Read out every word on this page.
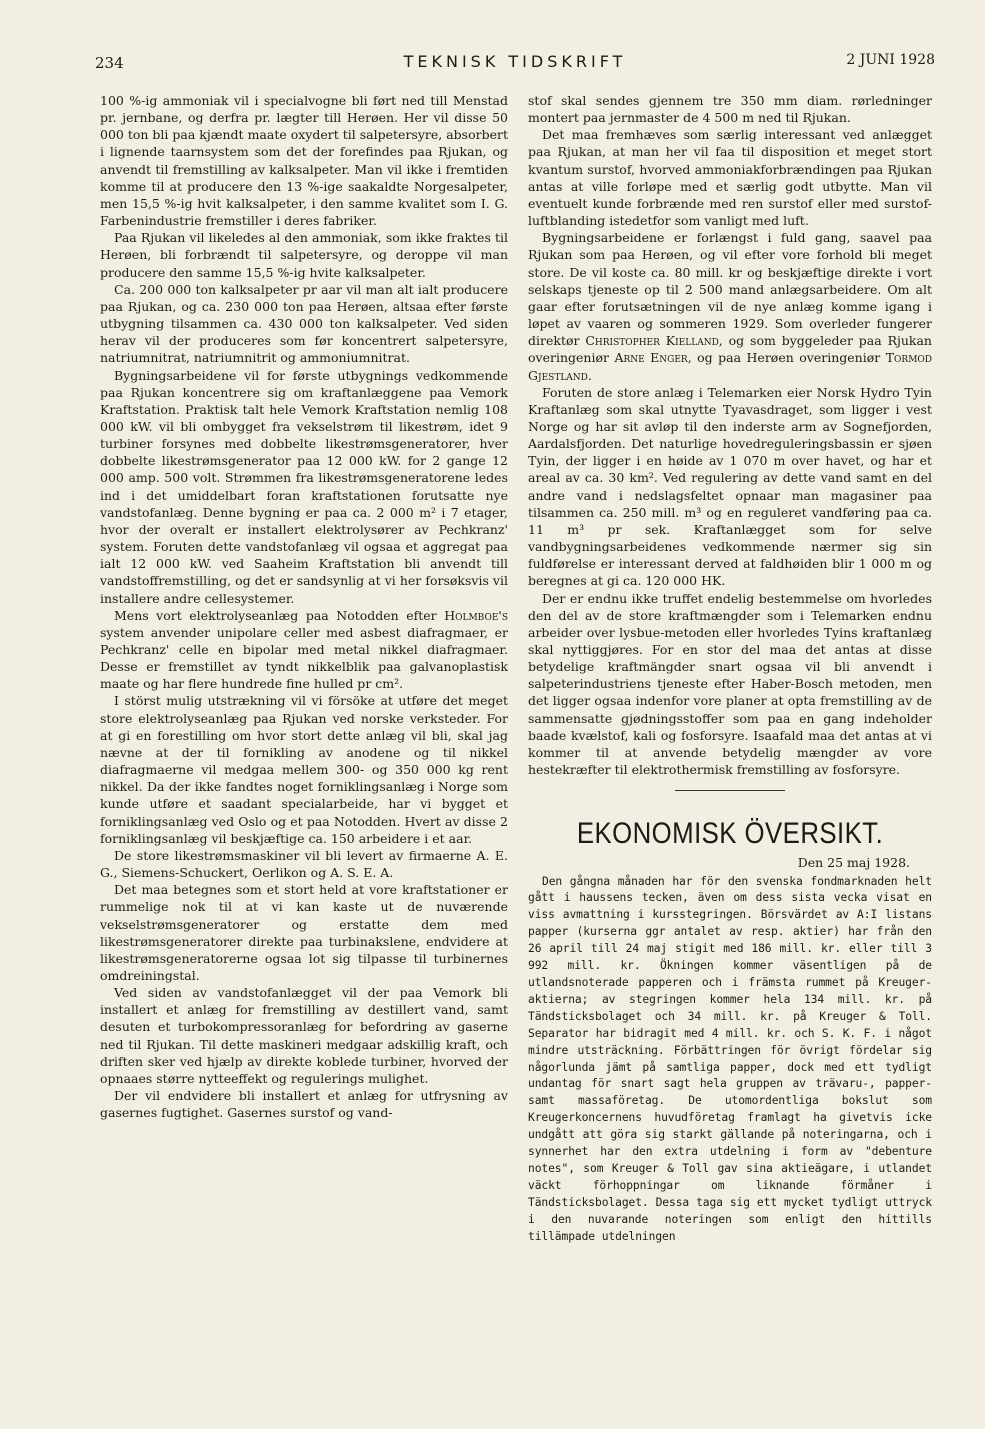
234	TEKNISK TIDSKRIFT	2 JUNI 1928

100 %-ig ammoniak vil i specialvogne bli ført ned till Menstad pr. jernbane, og derfra pr. lægter till Herøen. Her vil disse 50 000 ton bli paa kjændt maate oxydert til salpetersyre, absorbert i lignende taarnsystem som det der forefindes paa Rjukan, og anvendt til fremstilling av kalksalpeter. Man vil ikke i fremtiden komme til at producere den 13 %-ige saakaldte Norgesalpeter, men 15,5 %-ig hvit kalksalpeter, i den samme kvalitet som I. G. Farbenindustrie fremstiller i deres fabriker.

Paa Rjukan vil likeledes al den ammoniak, som ikke fraktes til Herøen, bli forbrændt til salpetersyre, og deroppe vil man producere den samme 15,5 %-ig hvite kalksalpeter.

Ca. 200 000 ton kalksalpeter pr aar vil man alt ialt producere paa Rjukan, og ca. 230 000 ton paa Herøen, altsaa efter første utbygning tilsammen ca. 430 000 ton kalksalpeter. Ved siden herav vil der produceres som før koncentrert salpetersyre, natriumnitrat, natriumnitrit og ammoniumnitrat.

Bygningsarbeidene vil for første utbygnings vedkommende paa Rjukan koncentrere sig om kraftanlæggene paa Vemork Kraftstation. Praktisk talt hele Vemork Kraftstation nemlig 108 000 kW. vil bli ombygget fra vekselstrøm til likestrøm, idet 9 turbiner forsynes med dobbelte likestrømsgeneratorer, hver dobbelte likestrømsgenerator paa 12 000 kW. for 2 gange 12 000 amp. 500 volt. Strømmen fra likestrømsgeneratorene ledes ind i det umiddelbart foran kraftstationen forutsatte nye vandstofanlæg. Denne bygning er paa ca. 2 000 m² i 7 etager, hvor der overalt er installert elektrolysører av Pechkranz' system. Foruten dette vandstofanlæg vil ogsaa et aggregat paa ialt 12 000 kW. ved Saaheim Kraftstation bli anvendt till vandstoffremstilling, og det er sandsynlig at vi her forsøksvis vil installere andre cellesystemer.

Mens vort elektrolyseanlæg paa Notodden efter Holmboe's system anvender unipolare celler med asbest diafragmaer, er Pechkranz' celle en bipolar med metal nikkel diafragmaer. Desse er fremstillet av tyndt nikkelblik paa galvanoplastisk maate og har flere hundrede fine hulled pr cm².

I störst mulig utstrækning vil vi försöke at utføre det meget store elektrolyseanlæg paa Rjukan ved norske verksteder. For at gi en forestilling om hvor stort dette anlæg vil bli, skal jag nævne at der til fornikling av anodene og til nikkel diafragmaerne vil medgaa mellem 300- og 350 000 kg rent nikkel. Da der ikke fandtes noget forniklingsanlæg i Norge som kunde utføre et saadant specialarbeide, har vi bygget et forniklingsanlæg ved Oslo og et paa Notodden. Hvert av disse 2 forniklingsanlæg vil beskjæftige ca. 150 arbeidere i et aar.

De store likestrømsmaskiner vil bli levert av firmaerne A. E. G., Siemens-Schuckert, Oerlikon og A. S. E. A.

Det maa betegnes som et stort held at vore kraftstationer er rummelige nok til at vi kan kaste ut de nuværende vekselstrømsgeneratorer og erstatte dem med likestrømsgeneratorer direkte paa turbinakslene, endvidere at likestrømsgeneratorerne ogsaa lot sig tilpasse til turbinernes omdreiningstal.

Ved siden av vandstofanlægget vil der paa Vemork bli installert et anlæg for fremstilling av destillert vand, samt desuten et turbokompressoranlæg for befordring av gaserne ned til Rjukan. Til dette maskineri medgaar adskillig kraft, och driften sker ved hjælp av direkte koblede turbiner, hvorved der opnaaes større nytteeffekt og regulerings mulighet.

Der vil endvidere bli installert et anlæg for utfrysning av gasernes fugtighet. Gasernes surstof og vand-

stof skal sendes gjennem tre 350 mm diam. rørledninger montert paa jernmaster de 4 500 m ned til Rjukan.

Det maa fremhæves som særlig interessant ved anlægget paa Rjukan, at man her vil faa til disposition et meget stort kvantum surstof, hvorved ammoniakforbrændingen paa Rjukan antas at ville forløpe med et særlig godt utbytte. Man vil eventuelt kunde forbrænde med ren surstof eller med surstof-luftblanding istedetfor som vanligt med luft.

Bygningsarbeidene er forlængst i fuld gang, saavel paa Rjukan som paa Herøen, og vil efter vore forhold bli meget store. De vil koste ca. 80 mill. kr og beskjæftige direkte i vort selskaps tjeneste op til 2 500 mand anlægsarbeidere. Om alt gaar efter forutsætningen vil de nye anlæg komme igang i løpet av vaaren og sommeren 1929. Som overleder fungerer direktør Christopher Kielland, og som byggeleder paa Rjukan overingeniør Arne Enger, og paa Herøen overingeniør Tormod Gjestland.

Foruten de store anlæg i Telemarken eier Norsk Hydro Tyin Kraftanlæg som skal utnytte Tyavasdraget, som ligger i vest Norge og har sit avløp til den inderste arm av Sognefjorden, Aardalsfjorden. Det naturlige hovedreguleringsbassin er sjøen Tyin, der ligger i en høide av 1 070 m over havet, og har et areal av ca. 30 km². Ved regulering av dette vand samt en del andre vand i nedslagsfeltet opnaar man magasiner paa tilsammen ca. 250 mill. m³ og en reguleret vandføring paa ca. 11 m³ pr sek. Kraftanlægget som for selve vandbygningsarbeidenes vedkommende nærmer sig sin fuldførelse er interessant derved at faldhøiden blir 1 000 m og beregnes at gi ca. 120 000 HK.

Der er endnu ikke truffet endelig bestemmelse om hvorledes den del av de store kraftmængder som i Telemarken endnu arbeider over lysbue-metoden eller hvorledes Tyins kraftanlæg skal nyttiggjøres. For en stor del maa det antas at disse betydelige kraftmängder snart ogsaa vil bli anvendt i salpeterindustriens tjeneste efter Haber-Bosch metoden, men det ligger ogsaa indenfor vore planer at opta fremstilling av de sammensatte gjødningsstoffer som paa en gang indeholder baade kvælstof, kali og fosforsyre. Isaafald maa det antas at vi kommer til at anvende betydelig mængder av vore hestekræfter til elektrothermisk fremstilling av fosforsyre.

EKONOMISK ÖVERSIKT.
Den 25 maj 1928.

Den gångna månaden har för den svenska fondmarknaden helt gått i haussens tecken, även om dess sista vecka visat en viss avmattning i kursstegringen. Börsvärdet av A:I listans papper (kurserna ggr antalet av resp. aktier) har från den 26 april till 24 maj stigit med 186 mill. kr. eller till 3 992 mill. kr. Ökningen kommer väsentligen på de utlandsnoterade papperen och i främsta rummet på Kreuger-aktierna; av stegringen kommer hela 134 mill. kr. på Tändsticksbolaget och 34 mill. kr. på Kreuger & Toll. Separator har bidragit med 4 mill. kr. och S. K. F. i något mindre utsträckning. Förbättringen för övrigt fördelar sig någorlunda jämt på samtliga papper, dock med ett tydligt undantag för snart sagt hela gruppen av trävaru-, papper- samt massaföretag. De utomordentliga bokslut som Kreugerkoncernens huvudföretag framlagt ha givetvis icke undgått att göra sig starkt gällande på noteringarna, och i synnerhet har den extra utdelning i form av "debenture notes", som Kreuger & Toll gav sina aktieägare, i utlandet väckt förhoppningar om liknande förmåner i Tändsticksbolaget. Dessa taga sig ett mycket tydligt uttryck i den nuvarande noteringen som enligt den hittills tillämpade utdelningen
